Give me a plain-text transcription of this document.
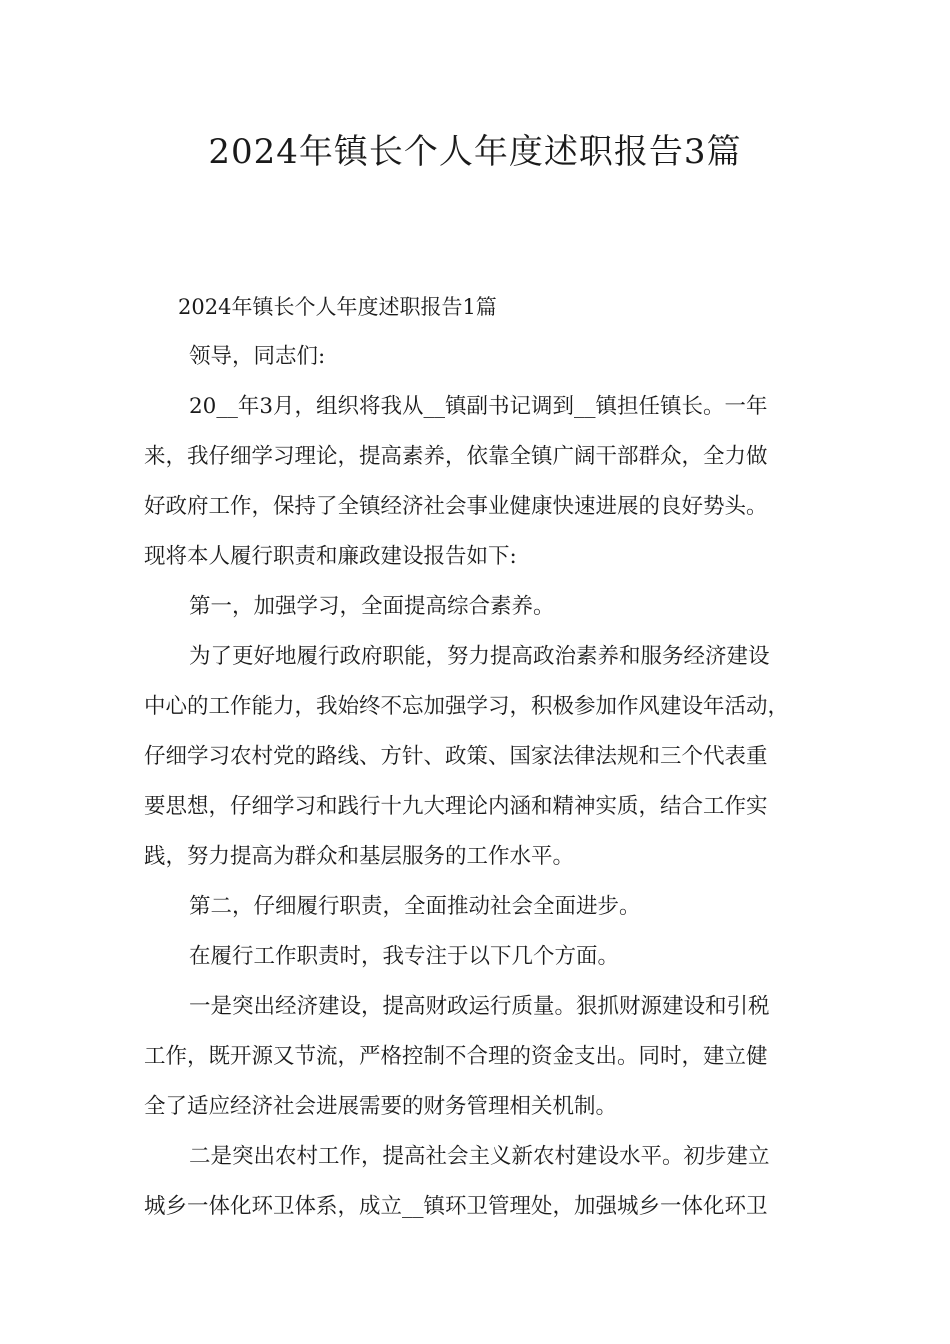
2024年镇长个人年度述职报告3篇

2024年镇长个人年度述职报告1篇

领导，同志们:

20__年3月，组织将我从__镇副书记调到__镇担任镇长。一年
来，我仔细学习理论，提高素养，依靠全镇广阔干部群众，全力做
好政府工作，保持了全镇经济社会事业健康快速进展的良好势头。
现将本人履行职责和廉政建设报告如下:

第一，加强学习，全面提高综合素养。

为了更好地履行政府职能，努力提高政治素养和服务经济建设
中心的工作能力，我始终不忘加强学习，积极参加作风建设年活动，
仔细学习农村党的路线、方针、政策、国家法律法规和三个代表重
要思想，仔细学习和践行十九大理论内涵和精神实质，结合工作实
践，努力提高为群众和基层服务的工作水平。

第二，仔细履行职责，全面推动社会全面进步。

在履行工作职责时，我专注于以下几个方面。

一是突出经济建设，提高财政运行质量。狠抓财源建设和引税
工作，既开源又节流，严格控制不合理的资金支出。同时，建立健
全了适应经济社会进展需要的财务管理相关机制。

二是突出农村工作，提高社会主义新农村建设水平。初步建立
城乡一体化环卫体系，成立__镇环卫管理处，加强城乡一体化环卫
